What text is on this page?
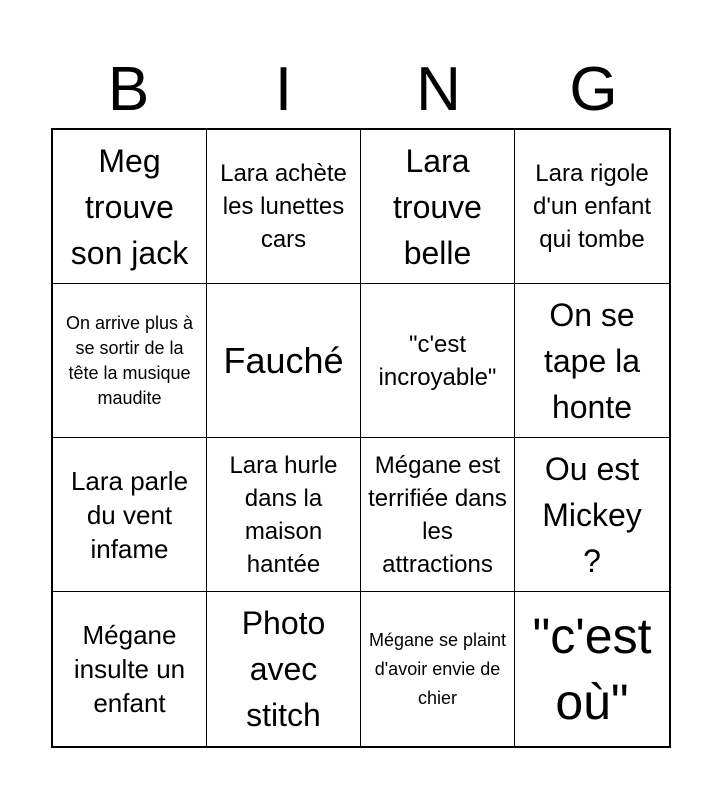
B	I	N	G
Meg trouve son jack
Lara achète les lunettes cars
Lara trouve belle
Lara rigole d'un enfant qui tombe
On arrive plus à se sortir de la tête la musique maudite
Fauché	"c'est incroyable"
On se tape la honte
Lara parle du vent infame
Lara hurle dans la maison hantée
Mégane est terrifiée dans les attractions
Ou est Mickey ?
Mégane insulte un enfant
Photo avec stitch
Mégane se plaint d'avoir envie de chier
"c'est où"
